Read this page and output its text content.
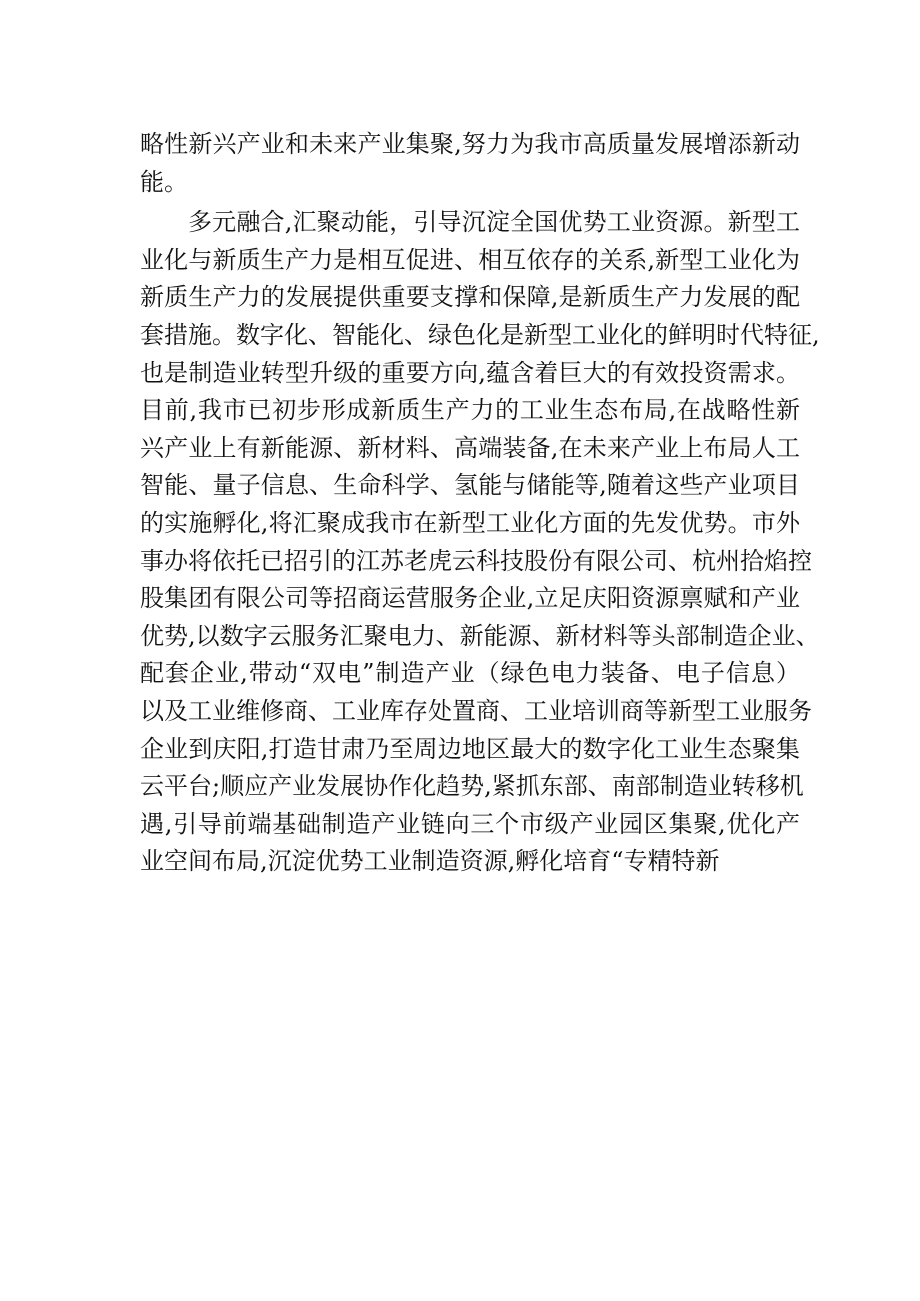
略性新兴产业和未来产业集聚,努力为我市高质量发展增添新动
能。
多元融合,汇聚动能，引导沉淀全国优势工业资源。新型工
业化与新质生产力是相互促进、相互依存的关系,新型工业化为
新质生产力的发展提供重要支撑和保障,是新质生产力发展的配
套措施。数字化、智能化、绿色化是新型工业化的鲜明时代特征,
也是制造业转型升级的重要方向,蕴含着巨大的有效投资需求。
目前,我市已初步形成新质生产力的工业生态布局,在战略性新
兴产业上有新能源、新材料、高端装备,在未来产业上布局人工
智能、量子信息、生命科学、氢能与储能等,随着这些产业项目
的实施孵化,将汇聚成我市在新型工业化方面的先发优势。市外
事办将依托已招引的江苏老虎云科技股份有限公司、杭州拾焰控
股集团有限公司等招商运营服务企业,立足庆阳资源禀赋和产业
优势,以数字云服务汇聚电力、新能源、新材料等头部制造企业、
配套企业,带动“双电”制造产业（绿色电力装备、电子信息）
以及工业维修商、工业库存处置商、工业培训商等新型工业服务
企业到庆阳,打造甘肃乃至周边地区最大的数字化工业生态聚集
云平台;顺应产业发展协作化趋势,紧抓东部、南部制造业转移机
遇,引导前端基础制造产业链向三个市级产业园区集聚,优化产
业空间布局,沉淀优势工业制造资源,孵化培育“专精特新
